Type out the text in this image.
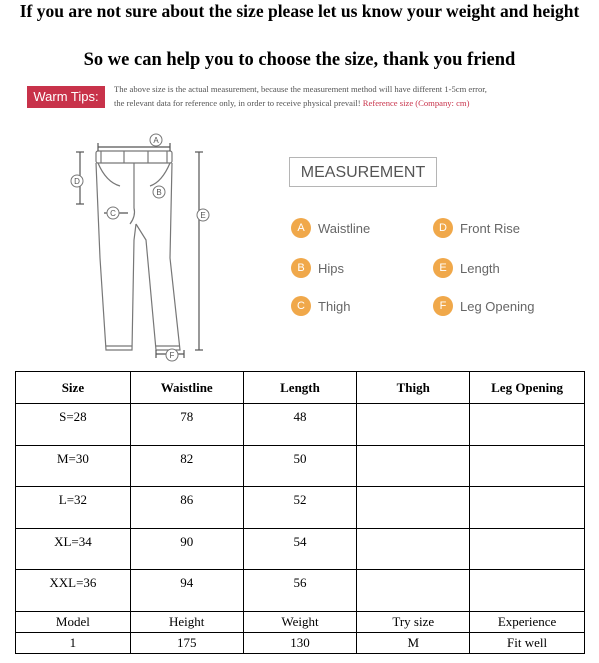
If you are not sure about the size please let us know your weight and height
So we can help you to choose the size, thank you friend
Warm Tips:	The above size is the actual measurement, because the measurement method will have different 1-5cm error,
the relevant data for reference only, in order to receive physical prevail! Reference size (Company: cm)
A
B
C
D
E
F
MEASUREMENT
A	Waistline
B	Hips
C	Thigh
D	Front Rise
E	Length
F	Leg Opening
Size	Waistline	Length	Thigh	Leg Opening
S=28	78	48		
M=30	82	50		
L=32	86	52		
XL=34	90	54		
XXL=36	94	56		
Model	Height	Weight	Try size	Experience
1	175	130	M	Fit well
